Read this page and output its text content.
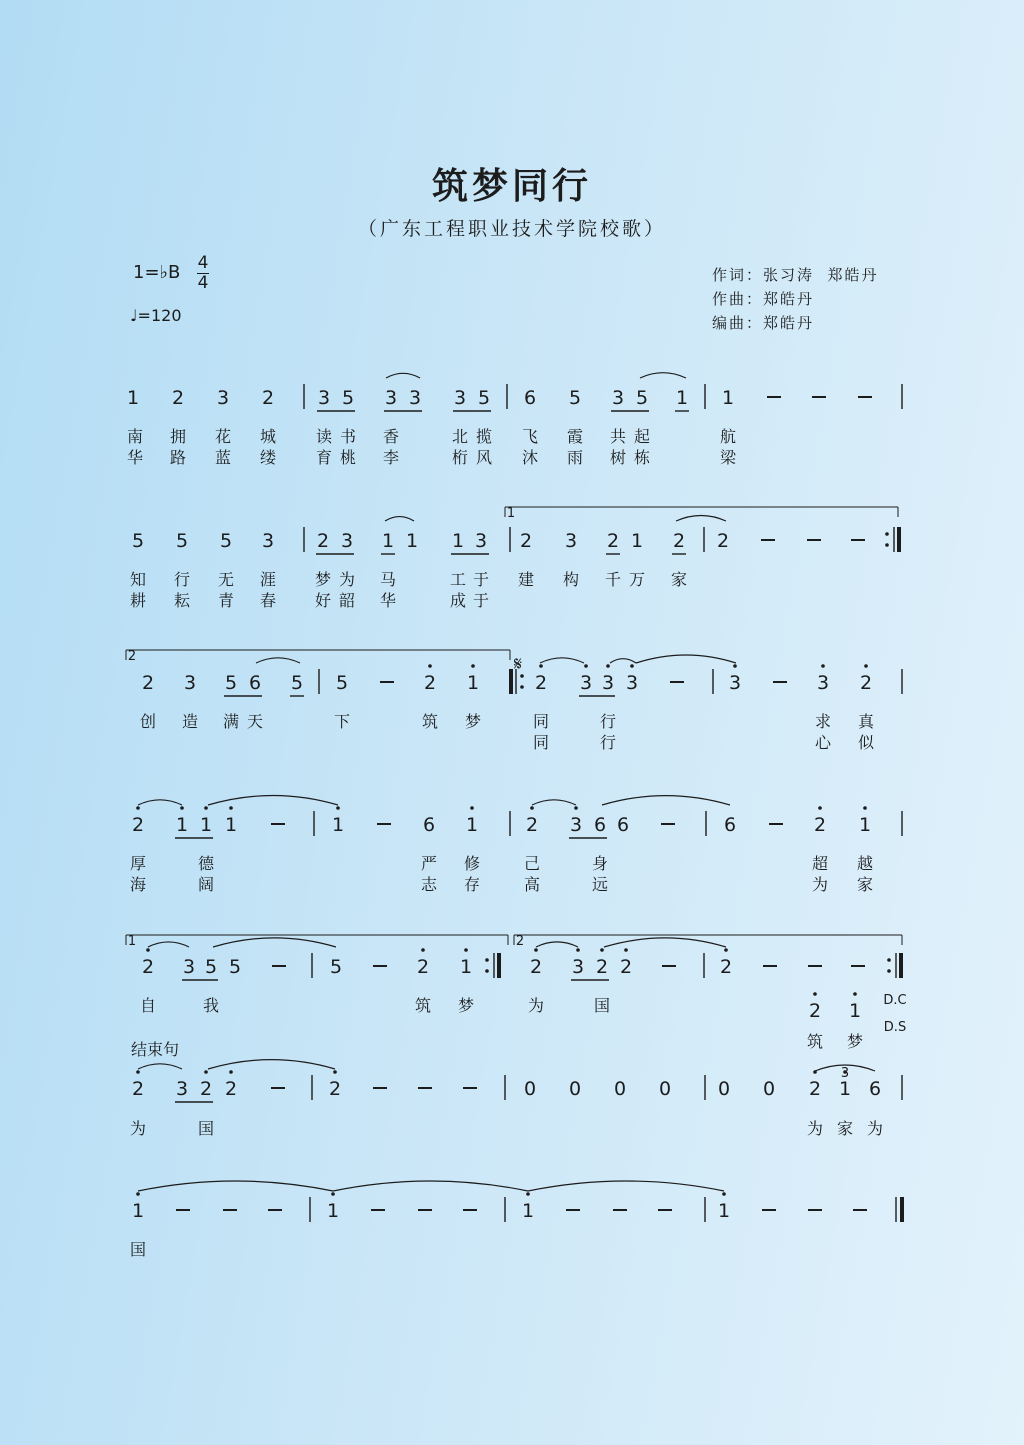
筑梦同行
（广东工程职业技术学院校歌）
1=♭B 4
4
♩=120
作词：张习涛  郑皓丹
作曲：郑皓丹
编曲：郑皓丹
1 2 3 2 3 5 3 3 3 5 6 5 3 5 1 1
南 拥 花 城 读 书 香	北 揽 飞 霞 共 起	航
华 路 蓝 缕 育 桃 李	桁 风 沐 雨 树 栋	梁
5 5 5 3 2 3 1 1 1 3 2 3 2 1 2 2
知 行 无 涯 梦 为 马	工 于 建 构 千 万 家
耕 耘 青 春 好 韶 华	成 于
2 3 5 6 5 5	2 1	2 3 3 3	3	3 2
创 造 满 天	下	筑 梦	同	行	求 真
同	行	心 似
2 1 1 1	1	6 1	2 3 6 6	6	2 1
厚	德	严 修	己	身	超 越
海	阔	志 存	高	远	为 家
2 3 5 5	5	2 1	2 3 2 2	2
自	我	筑 梦	为	国
2 3 2 2	2	0 0 0 0 0 0 2 1 6
为	国	为 家 为
1	1	1	1
国
1
2
1	2
𝄋
D.C
D.S
2 1
筑 梦
结束句
3
